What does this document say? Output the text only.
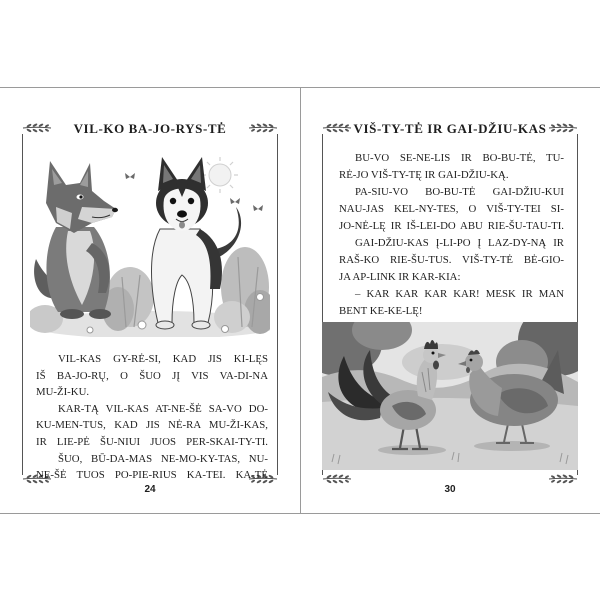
VIL-KO BA-JO-RYS-TĖ
VIL-KAS GY-RĖ-SI, KAD JIS KI-LĘS
IŠ BA-JO-RŲ, O ŠUO JĮ VIS VA-DI-NA
MU-ŽI-KU.
KAR-TĄ VIL-KAS AT-NE-ŠĖ SA-VO DO-
KU-MEN-TUS, KAD JIS NĖ-RA MU-ŽI-KAS,
IR LIE-PĖ ŠU-NIUI JUOS PER-SKAI-TY-TI.
ŠUO, BŪ-DA-MAS NE-MO-KY-TAS, NU-
NE-ŠĖ TUOS PO-PIE-RIUS KA-TEI. KA-TĖ
24
VIŠ-TY-TĖ IR GAI-DŽIU-KAS
BU-VO SE-NE-LIS IR BO-BU-TĖ, TU-
RĖ-JO VIŠ-TY-TĘ IR GAI-DŽIU-KĄ.
PA-SIU-VO BO-BU-TĖ GAI-DŽIU-KUI
NAU-JAS KEL-NY-TES, O VIŠ-TY-TEI SI-
JO-NĖ-LĘ IR IŠ-LEI-DO ABU RIE-ŠU-TAU-TI.
GAI-DŽIU-KAS Į-LI-PO Į LAZ-DY-NĄ IR
RAŠ-KO RIE-ŠU-TUS. VIŠ-TY-TĖ BĖ-GIO-
JA AP-LINK IR KAR-KIA:
– KAR KAR KAR KAR! MESK IR MAN
BENT KE-KE-LĘ!
30
